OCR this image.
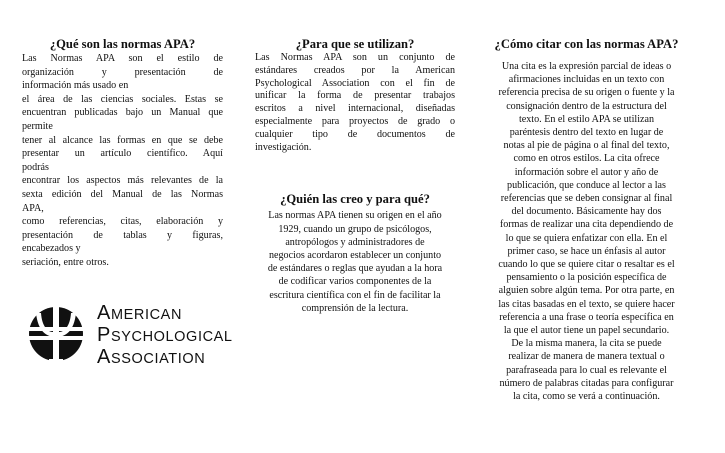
¿Qué son las normas APA?

Las Normas APA son el estilo de
organización y presentación de
información más usado en
el área de las ciencias sociales. Estas se
encuentran publicadas bajo un Manual que
permite
tener al alcance las formas en que se debe
presentar un artículo científico. Aquí
podrás
encontrar los aspectos más relevantes de la
sexta edición del Manual de las Normas
APA,
como referencias, citas, elaboración y
presentación de tablas y figuras,
encabezados y
seriación, entre otros.

AMERICAN
PSYCHOLOGICAL
ASSOCIATION
¿Para que se utilizan?

Las Normas APA son un conjunto de
estándares creados por la American
Psychological Association con el fin de
unificar la forma de presentar trabajos
escritos a nivel internacional, diseñadas
especialmente para proyectos de grado o
cualquier tipo de documentos de
investigación.

¿Quién las creo y para qué?

Las normas APA tienen su origen en el año
1929, cuando un grupo de psicólogos,
antropólogos y administradores de
negocios acordaron establecer un conjunto
de estándares o reglas que ayudan a la hora
de codificar varios componentes de la
escritura científica con el fin de facilitar la
comprensión de la lectura.

¿Cómo citar con las normas APA?

Una cita es la expresión parcial de ideas o
afirmaciones incluidas en un texto con
referencia precisa de su origen o fuente y la
consignación dentro de la estructura del
texto. En el estilo APA se utilizan
paréntesis dentro del texto en lugar de
notas al pie de página o al final del texto,
como en otros estilos. La cita ofrece
información sobre el autor y año de
publicación, que conduce al lector a las
referencias que se deben consignar al final
del documento. Básicamente hay dos
formas de realizar una cita dependiendo de
lo que se quiera enfatizar con ella. En el
primer caso, se hace un énfasis al autor
cuando lo que se quiere citar o resaltar es el
pensamiento o la posición específica de
alguien sobre algún tema. Por otra parte, en
las citas basadas en el texto, se quiere hacer
referencia a una frase o teoría específica en
la que el autor tiene un papel secundario.
De la misma manera, la cita se puede
realizar de manera de manera textual o
parafraseada para lo cual es relevante el
número de palabras citadas para configurar
la cita, como se verá a continuación.
